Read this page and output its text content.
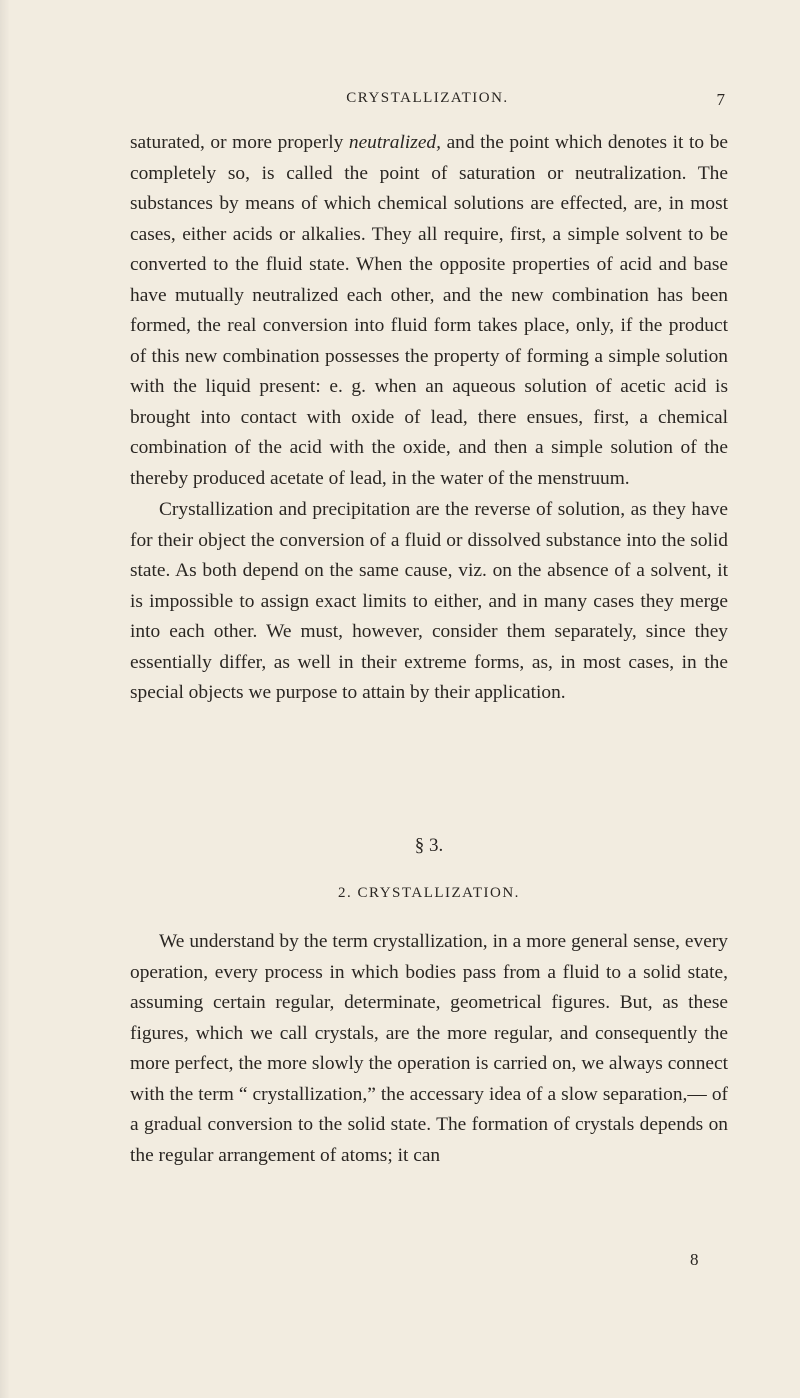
CRYSTALLIZATION.	7

saturated, or more properly neutralized, and the point which denotes it to be completely so, is called the point of saturation or neutralization. The substances by means of which chemical solutions are effected, are, in most cases, either acids or alkalies. They all require, first, a simple solvent to be converted to the fluid state. When the opposite properties of acid and base have mutually neutralized each other, and the new combination has been formed, the real conversion into fluid form takes place, only, if the product of this new combination possesses the property of forming a simple solution with the liquid present: e. g. when an aqueous solution of acetic acid is brought into contact with oxide of lead, there ensues, first, a chemical combination of the acid with the oxide, and then a simple solution of the thereby produced acetate of lead, in the water of the menstruum.

Crystallization and precipitation are the reverse of solution, as they have for their object the conversion of a fluid or dissolved substance into the solid state. As both depend on the same cause, viz. on the absence of a solvent, it is impossible to assign exact limits to either, and in many cases they merge into each other. We must, however, consider them separately, since they essentially differ, as well in their extreme forms, as, in most cases, in the special objects we purpose to attain by their application.

§ 3.
2. CRYSTALLIZATION.

We understand by the term crystallization, in a more general sense, every operation, every process in which bodies pass from a fluid to a solid state, assuming certain regular, determinate, geometrical figures. But, as these figures, which we call crystals, are the more regular, and consequently the more perfect, the more slowly the operation is carried on, we always connect with the term “ crystallization,” the accessary idea of a slow separation,— of a gradual conversion to the solid state. The formation of crystals depends on the regular arrangement of atoms; it can

8
